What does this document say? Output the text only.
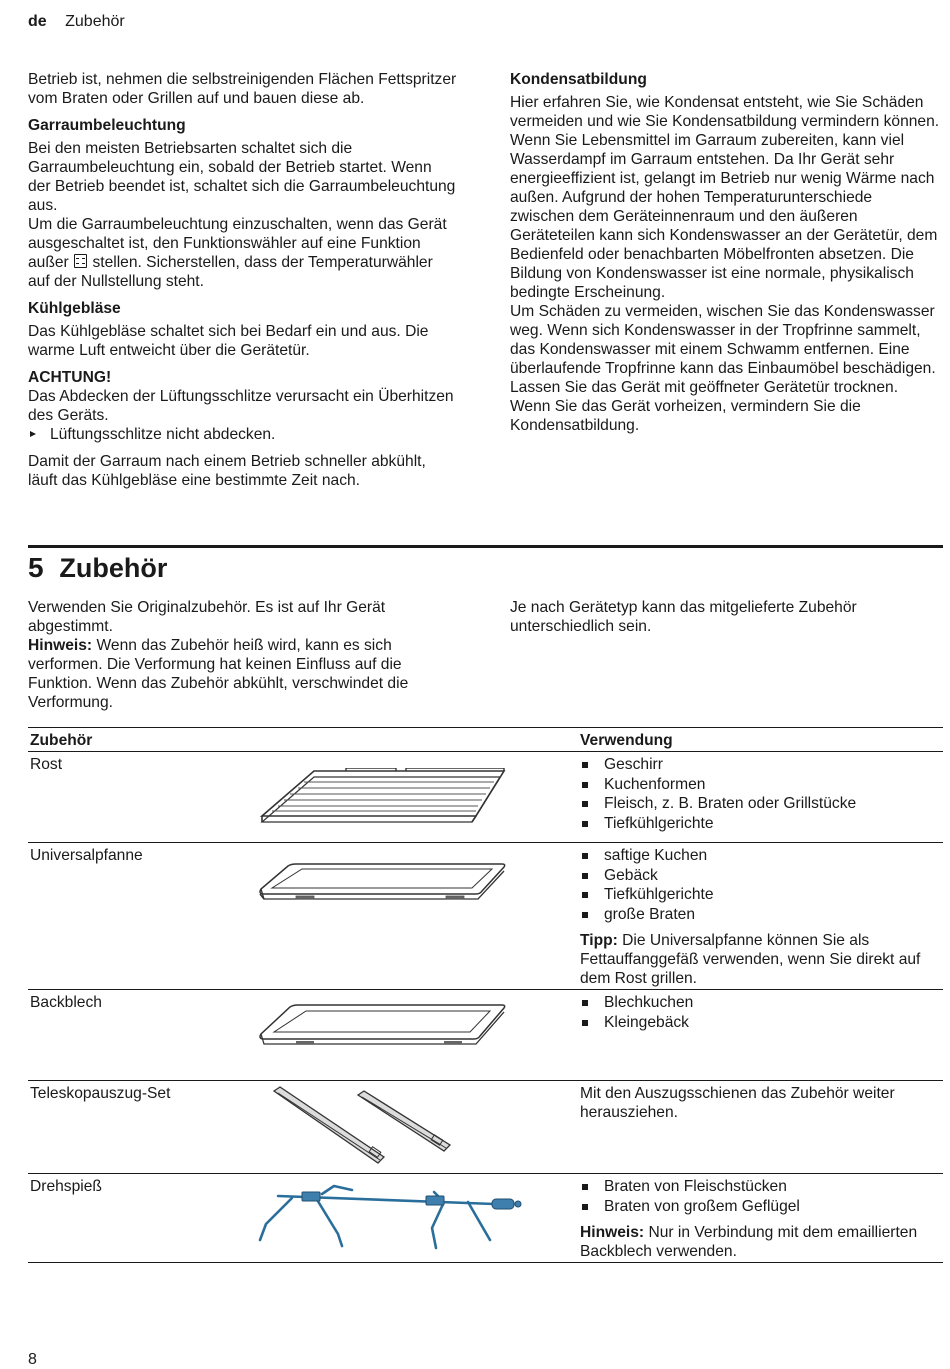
de Zubehör

Betrieb ist, nehmen die selbstreinigenden Flächen Fettspritzer vom Braten oder Grillen auf und bauen diese ab.

Garraumbeleuchtung

Bei den meisten Betriebsarten schaltet sich die Garraumbeleuchtung ein, sobald der Betrieb startet. Wenn der Betrieb beendet ist, schaltet sich die Garraumbeleuchtung aus.

Um die Garraumbeleuchtung einzuschalten, wenn das Gerät ausgeschaltet ist, den Funktionswähler auf eine Funktion außer stellen. Sicherstellen, dass der Temperaturwähler auf der Nullstellung steht.

Kühlgebläse

Das Kühlgebläse schaltet sich bei Bedarf ein und aus. Die warme Luft entweicht über die Gerätetür.

ACHTUNG!

Das Abdecken der Lüftungsschlitze verursacht ein Überhitzen des Geräts.

Lüftungsschlitze nicht abdecken.

Damit der Garraum nach einem Betrieb schneller abkühlt, läuft das Kühlgebläse eine bestimmte Zeit nach.

Kondensatbildung

Hier erfahren Sie, wie Kondensat entsteht, wie Sie Schäden vermeiden und wie Sie Kondensatbildung vermindern können.

Wenn Sie Lebensmittel im Garraum zubereiten, kann viel Wasserdampf im Garraum entstehen. Da Ihr Gerät sehr energieeffizient ist, gelangt im Betrieb nur wenig Wärme nach außen. Aufgrund der hohen Temperaturunterschiede zwischen dem Geräteinnenraum und den äußeren Geräteteilen kann sich Kondenswasser an der Gerätetür, dem Bedienfeld oder benachbarten Möbelfronten absetzen. Die Bildung von Kondenswasser ist eine normale, physikalisch bedingte Erscheinung.

Um Schäden zu vermeiden, wischen Sie das Kondenswasser weg. Wenn sich Kondenswasser in der Tropfrinne sammelt, das Kondenswasser mit einem Schwamm entfernen. Eine überlaufende Tropfrinne kann das Einbaumöbel beschädigen. Lassen Sie das Gerät mit geöffneter Gerätetür trocknen.

Wenn Sie das Gerät vorheizen, vermindern Sie die Kondensatbildung.

5 Zubehör

Verwenden Sie Originalzubehör. Es ist auf Ihr Gerät abgestimmt.

Hinweis: Wenn das Zubehör heiß wird, kann es sich verformen. Die Verformung hat keinen Einfluss auf die Funktion. Wenn das Zubehör abkühlt, verschwindet die Verformung.

Je nach Gerätetyp kann das mitgelieferte Zubehör unterschiedlich sein.

Zubehör	Verwendung
Rost	Geschirr
Kuchenformen
Fleisch, z. B. Braten oder Grillstücke
Tiefkühlgerichte
Universalpfanne	saftige Kuchen
Gebäck
Tiefkühlgerichte
große Braten

Tipp: Die Universalpfanne können Sie als Fettauffanggefäß verwenden, wenn Sie direkt auf dem Rost grillen.

Backblech	Blechkuchen
Kleingebäck
Teleskopauszug-Set	Mit den Auszugsschienen das Zubehör weiter herausziehen.

Drehspieß	Braten von Fleischstücken
Braten von großem Geflügel

Hinweis: Nur in Verbindung mit dem emaillierten Backblech verwenden.

8
